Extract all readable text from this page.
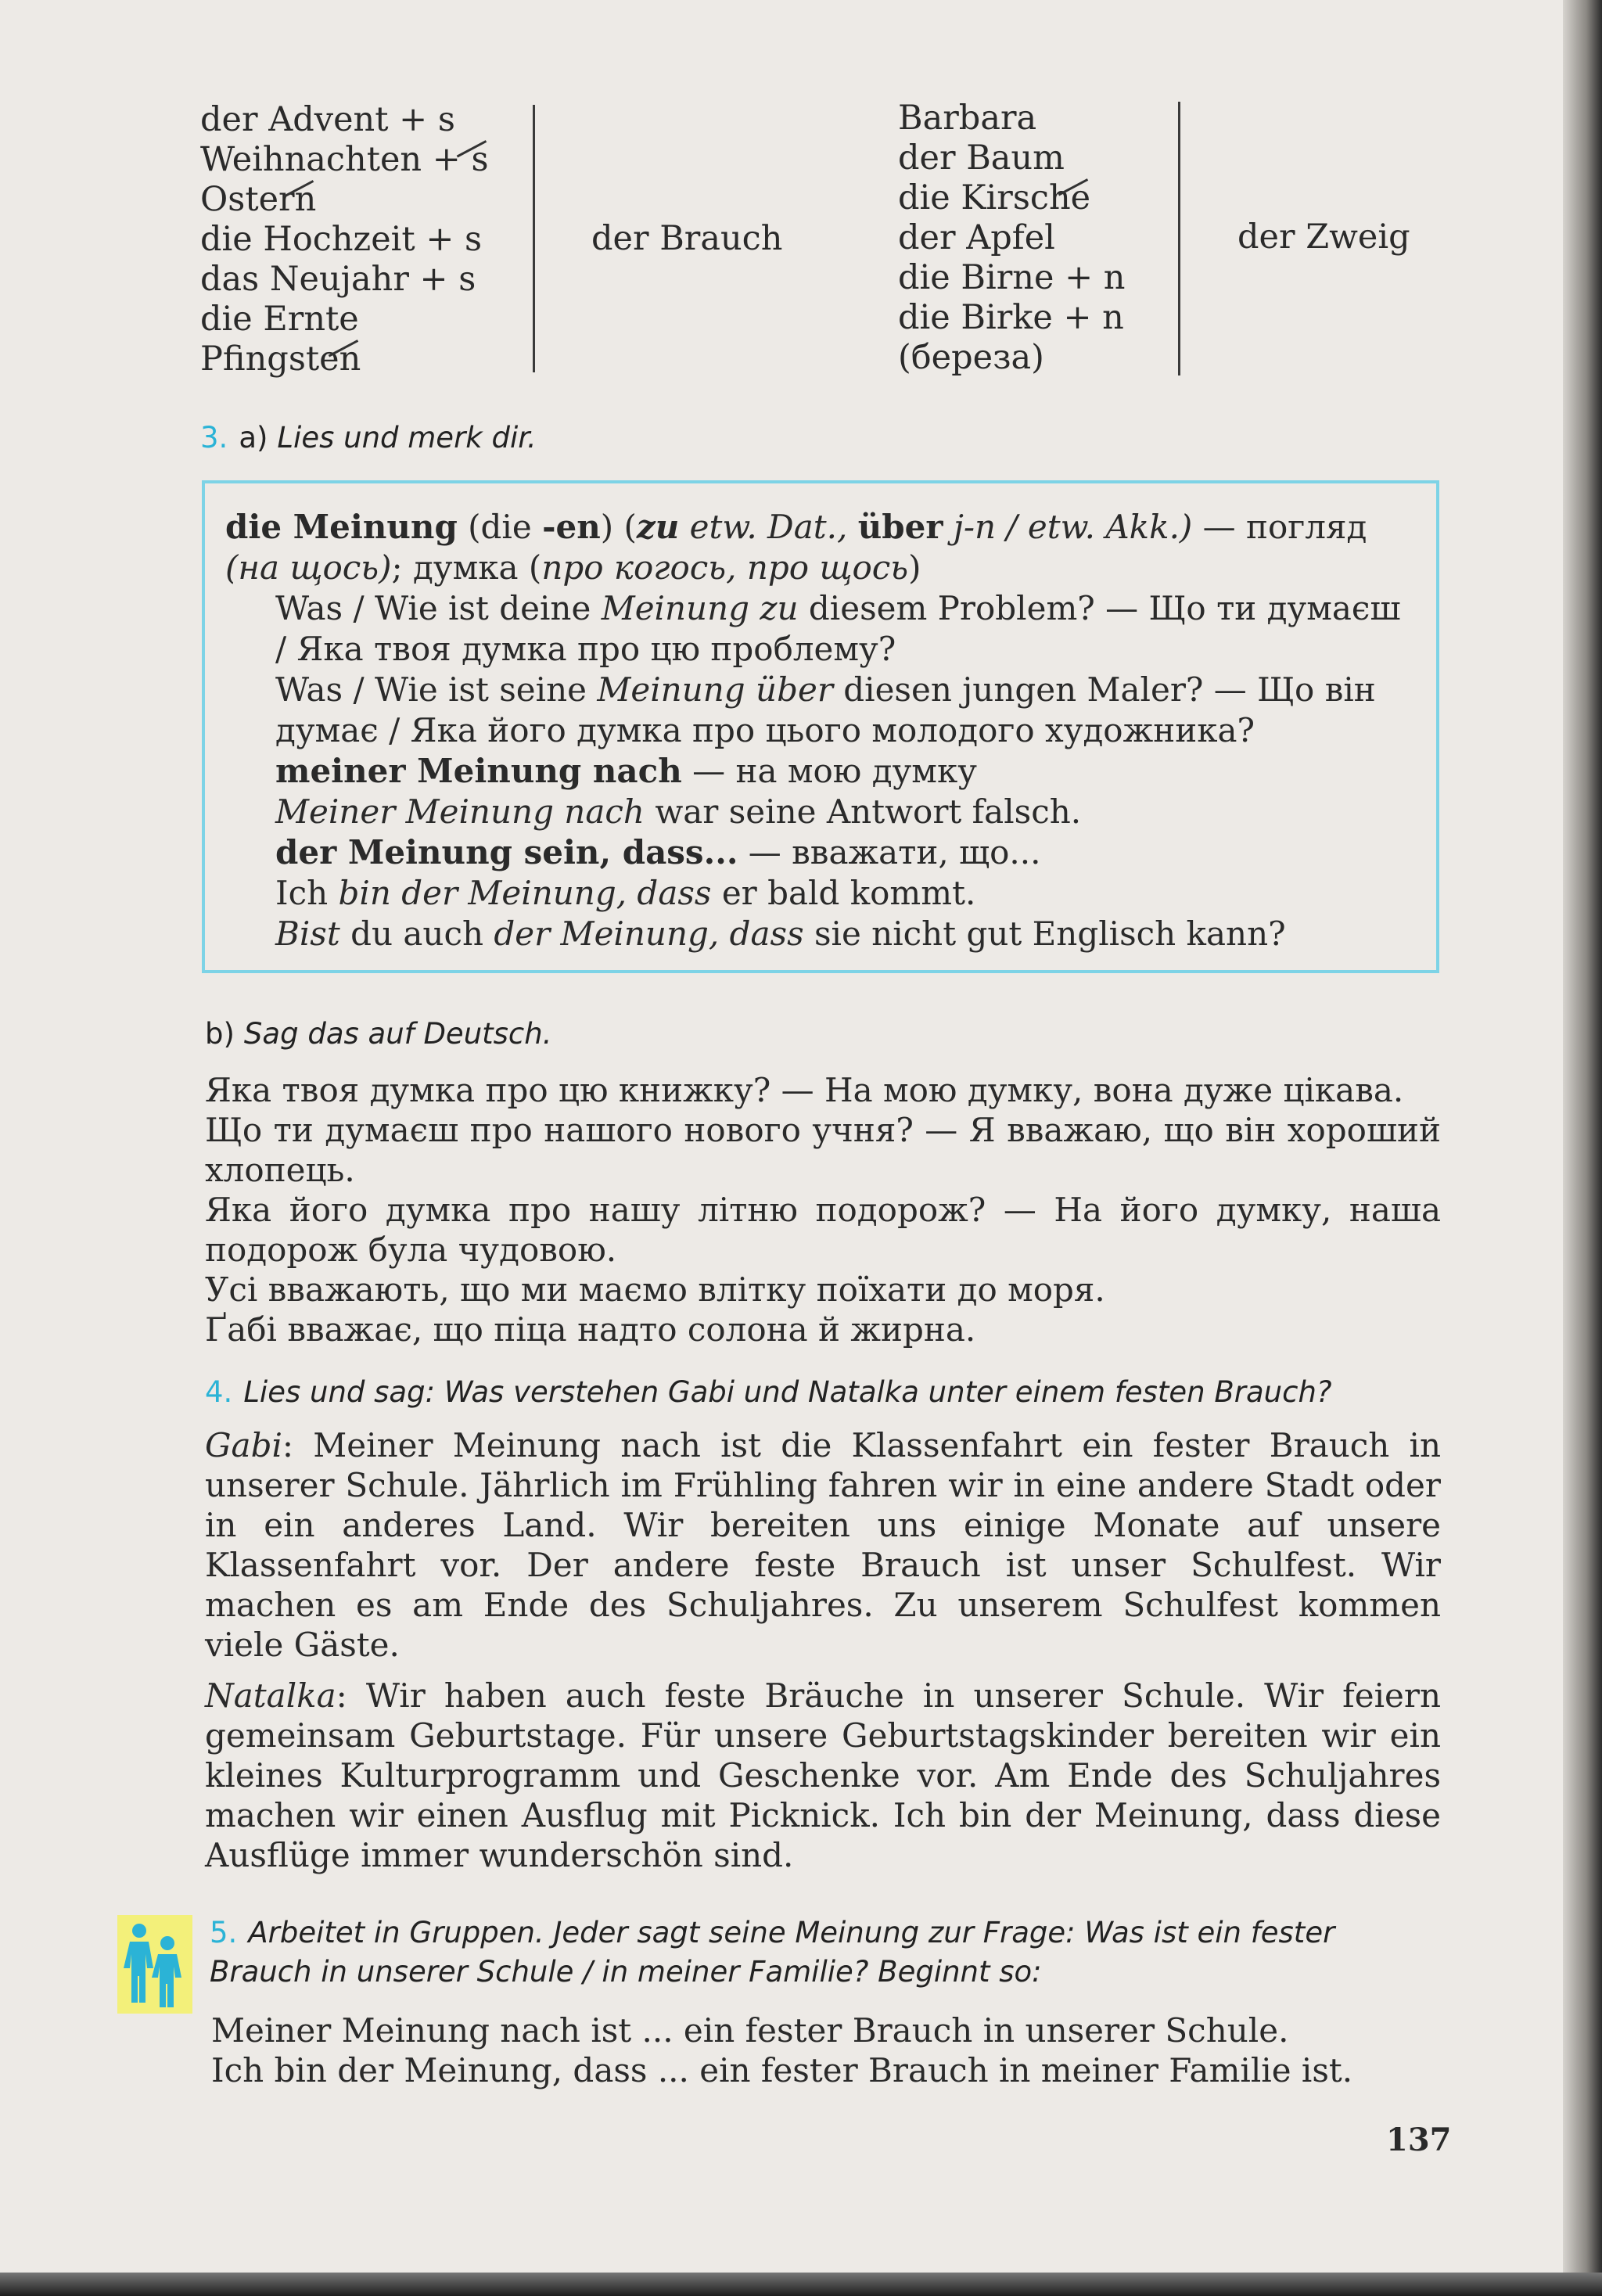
der Advent + s
Weihnachten + s
Ostern
die Hochzeit + s
das Neujahr + s
die Ernte
Pfingsten
der Brauch
Barbara
der Baum
die Kirsche
der Apfel
die Birne + n
die Birke + n
(береза)
der Zweig
3. a) Lies und merk dir.
die Meinung (die -en) (zu etw. Dat., über j-n / etw. Akk.) — погляд
(на щось); думка (про когось, про щось)
Was / Wie ist deine Meinung zu diesem Problem? — Що ти думаєш
/ Яка твоя думка про цю проблему?
Was / Wie ist seine Meinung über diesen jungen Maler? — Що він
думає / Яка його думка про цього молодого художника?
meiner Meinung nach — на мою думку
Meiner Meinung nach war seine Antwort falsch.
der Meinung sein, dass... — вважати, що...
Ich bin der Meinung, dass er bald kommt.
Bist du auch der Meinung, dass sie nicht gut Englisch kann?
b) Sag das auf Deutsch.
Яка твоя думка про цю книжку? — На мою думку, вона дуже цікава.
Що ти думаєш про нашого нового учня? — Я вважаю, що він хороший хлопець.
Яка його думка про нашу літню подорож? — На його думку, наша подорож була чудовою.
Усі вважають, що ми маємо влітку поїхати до моря.
Ґабі вважає, що піца надто солона й жирна.
4. Lies und sag: Was verstehen Gabi und Natalka unter einem festen Brauch?
Gabi: Meiner Meinung nach ist die Klassenfahrt ein fester Brauch in unserer Schule. Jährlich im Frühling fahren wir in eine andere Stadt oder in ein anderes Land. Wir bereiten uns einige Monate auf unsere Klassenfahrt vor. Der andere feste Brauch ist unser Schulfest. Wir machen es am Ende des Schuljahres. Zu unserem Schulfest kommen viele Gäste.
Natalka: Wir haben auch feste Bräuche in unserer Schule. Wir feiern gemeinsam Geburtstage. Für unsere Geburtstagskinder bereiten wir ein kleines Kulturprogramm und Geschenke vor. Am Ende des Schuljahres machen wir einen Ausflug mit Picknick. Ich bin der Meinung, dass diese Ausflüge immer wunderschön sind.
5. Arbeitet in Gruppen. Jeder sagt seine Meinung zur Frage: Was ist ein fester
Brauch in unserer Schule / in meiner Familie? Beginnt so:
Meiner Meinung nach ist ... ein fester Brauch in unserer Schule.
Ich bin der Meinung, dass ... ein fester Brauch in meiner Familie ist.
137
